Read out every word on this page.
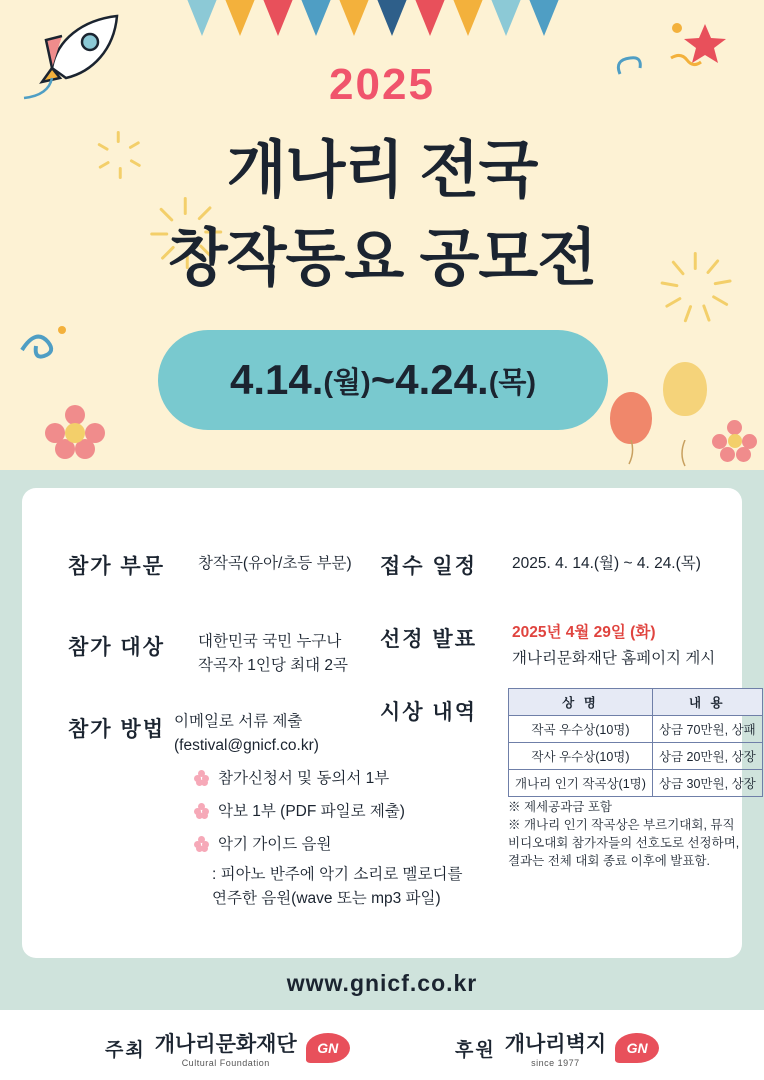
2025
개나리 전국
창작동요 공모전
4.14. (월) ~ 4.24. (목)
참가 부문 창작곡(유아/초등 부문)
참가 대상 대한민국 국민 누구나
작곡자 1인당 최대 2곡
참가 방법 이메일로 서류 제출
(festival@gnicf.co.kr)
참가신청서 및 동의서 1부
악보 1부 (PDF 파일로 제출)
악기 가이드 음원
: 피아노 반주에 악기 소리로 멜로디를
연주한 음원(wave 또는 mp3 파일)
접수 일정 2025. 4. 14.(월) ~ 4. 24.(목)
선정 발표 2025년 4월 29일 (화)
개나리문화재단 홈페이지 게시
시상 내역	상 명	내 용
작곡 우수상(10명)	상금 70만원, 상패
작사 우수상(10명)	상금 20만원, 상장
개나리 인기 작곡상(1명)	상금 30만원, 상장
※ 제세공과금 포함
※ 개나리 인기 작곡상은 부르기대회, 뮤직
비디오대회 참가자들의 선호도로 선정하며,
결과는 전체 대회 종료 이후에 발표함.
www.gnicf.co.kr
주최 개나리문화재단
Cultural Foundation
GN	후원 개나리벽지
since 1977
GN
